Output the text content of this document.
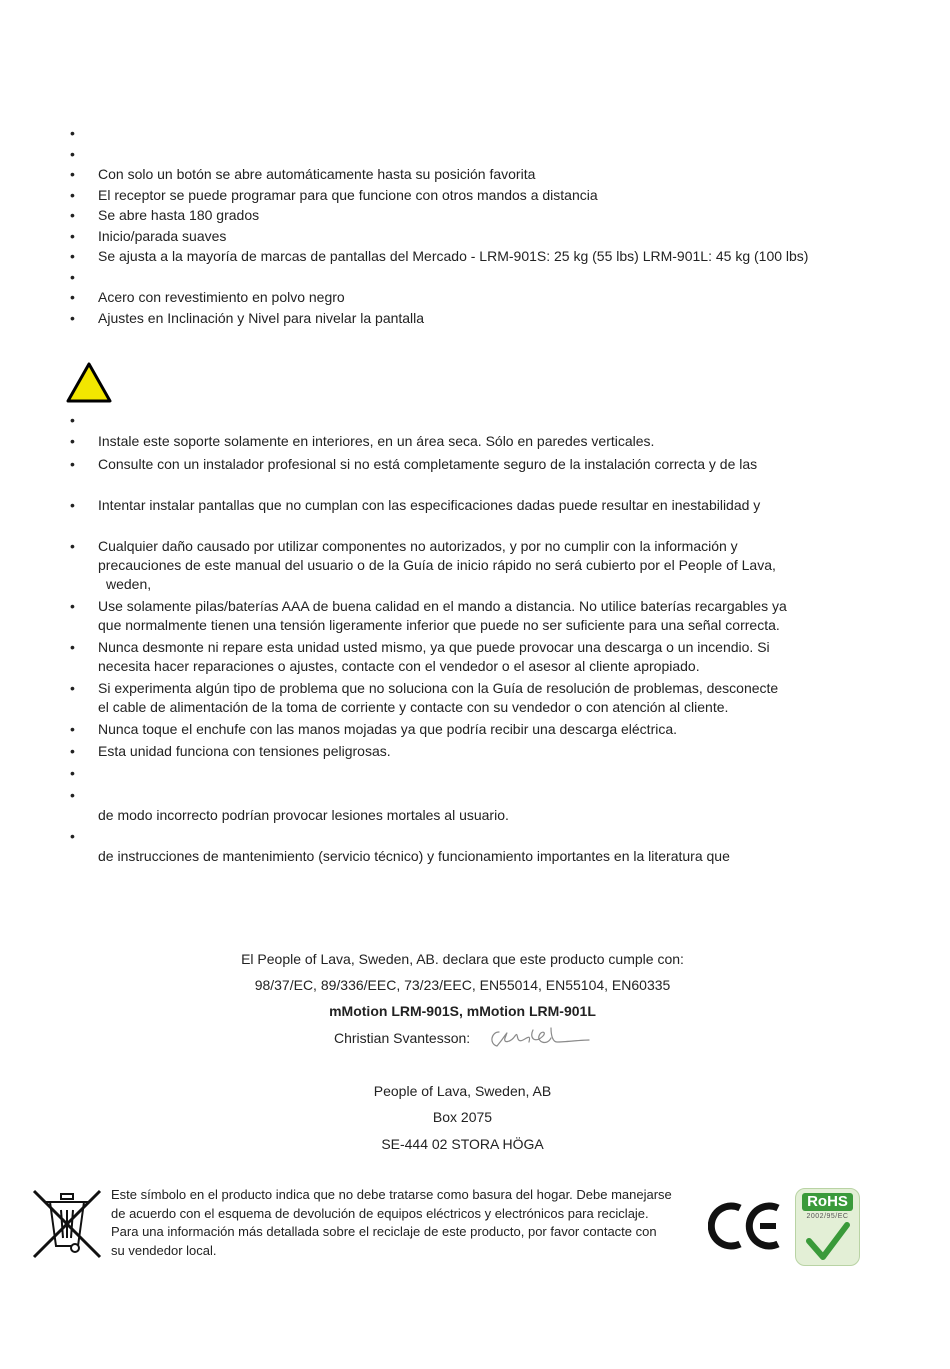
•
•
• Con solo un botón se abre automáticamente hasta su posición favorita
• El receptor se puede programar para que funcione con otros mandos a distancia
• Se abre hasta 180 grados
• Inicio/parada suaves
• Se ajusta a la mayoría de marcas de pantallas del Mercado - LRM-901S: 25 kg (55 lbs) LRM-901L: 45 kg (100 lbs)
•
• Acero con revestimiento en polvo negro
• Ajustes en Inclinación y Nivel para nivelar la pantalla
•
• Instale este soporte solamente en interiores, en un área seca. Sólo en paredes verticales.
• Consulte con un instalador profesional si no está completamente seguro de la instalación correcta y de las
• Intentar instalar pantallas que no cumplan con las especificaciones dadas puede resultar en inestabilidad y
• Cualquier daño causado por utilizar componentes no autorizados, y por no cumplir con la información y
precauciones de este manual del usuario o de la Guía de inicio rápido no será cubierto por el People of Lava,
weden,
• Use solamente pilas/baterías AAA de buena calidad en el mando a distancia. No utilice baterías recargables ya
que normalmente tienen una tensión ligeramente inferior que puede no ser suficiente para una señal correcta.
• Nunca desmonte ni repare esta unidad usted mismo, ya que puede provocar una descarga o un incendio. Si
necesita hacer reparaciones o ajustes, contacte con el vendedor o el asesor al cliente apropiado.
• Si experimenta algún tipo de problema que no soluciona con la Guía de resolución de problemas, desconecte
el cable de alimentación de la toma de corriente y contacte con su vendedor o con atención al cliente.
• Nunca toque el enchufe con las manos mojadas ya que podría recibir una descarga eléctrica.
• Esta unidad funciona con tensiones peligrosas.
•
•
de modo incorrecto podrían provocar lesiones mortales al usuario.
•
de instrucciones de mantenimiento (servicio técnico) y funcionamiento importantes en la literatura que
El People of Lava, Sweden, AB. declara que este producto cumple con:
98/37/EC, 89/336/EEC, 73/23/EEC, EN55014, EN55104, EN60335
mMotion LRM-901S, mMotion LRM-901L
Christian Svantesson:
People of Lava, Sweden, AB
Box 2075
SE-444 02 STORA HÖGA
Este símbolo en el producto indica que no debe tratarse como basura del hogar. Debe manejarse
de acuerdo con el esquema de devolución de equipos eléctricos y electrónicos para reciclaje.
Para una información más detallada sobre el reciclaje de este producto, por favor contacte con
su vendedor local.
RoHS
2002/95/EC
